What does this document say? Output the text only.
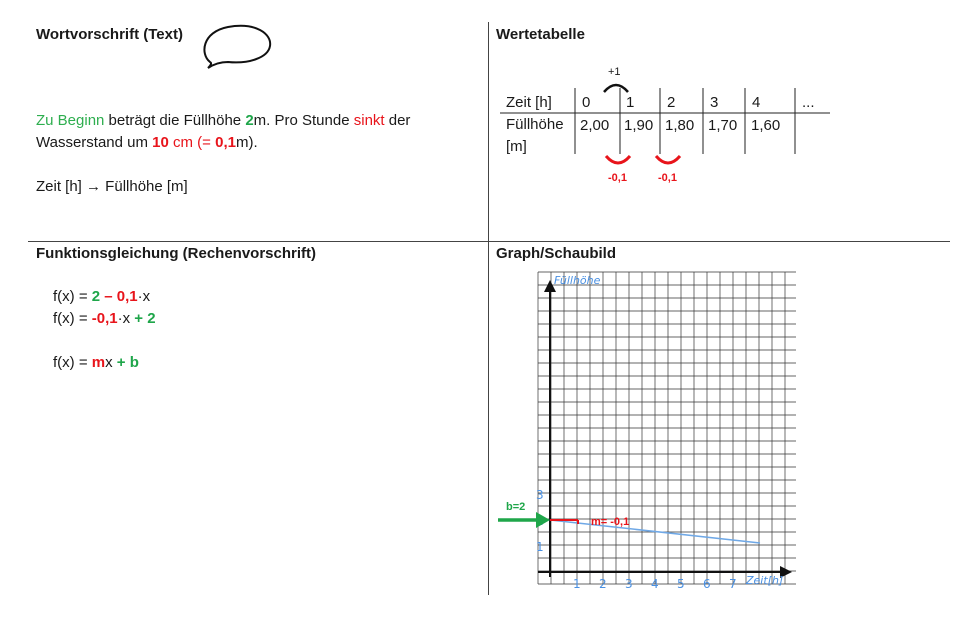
Wortvorschrift (Text)
Zu Beginn beträgt die Füllhöhe 2m. Pro Stunde sinkt der
Wasserstand um 10 cm (= 0,1m).
Zeit [h] → Füllhöhe [m]
Wertetabelle
+1
Zeit [h] 0 1 2 3 4	...
Füllhöhe [m]
2,00 1,90 1,80 1,70 1,60
-0,1	-0,1
Funktionsgleichung (Rechenvorschrift)
f(x) = 2 – 0,1·x
f(x) = -0,1·x + 2
f(x) = mx + b
Graph/Schaubild
Füllhöhe
Zeit[h]
1 2 3 4 5 6 7
1
3
m= -0,1
b=2
